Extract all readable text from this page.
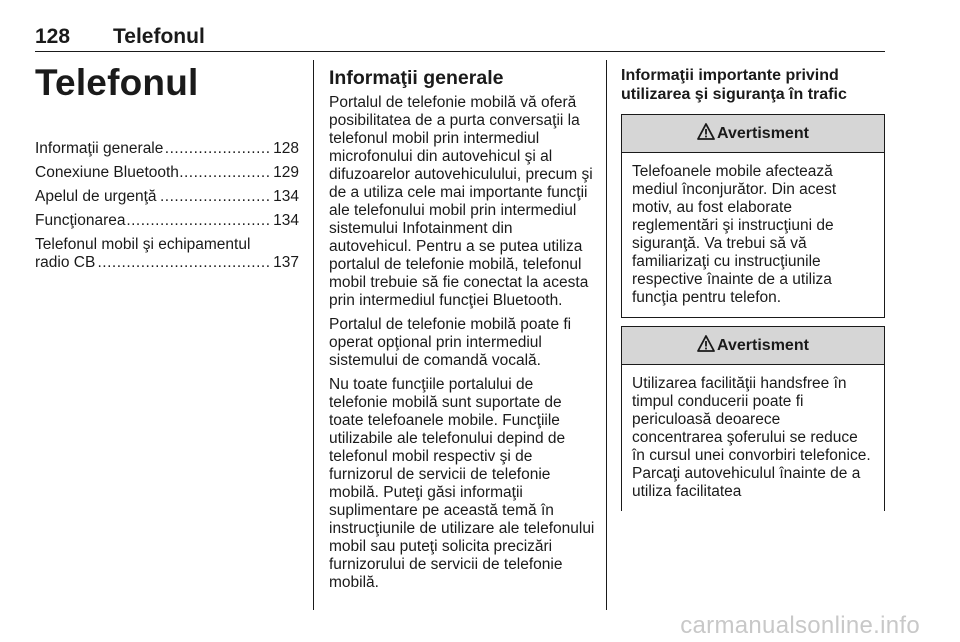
128 Telefonul
Telefonul
Informaţii generale	128
Conexiune Bluetooth	129
Apelul de urgenţă	134
Funcţionarea	134
Telefonul mobil şi echipamentul
radio CB	137
Informaţii generale

Portalul de telefonie mobilă vă oferă posibilitatea de a purta conversaţii la telefonul mobil prin intermediul microfonului din autovehicul şi al difuzoarelor autovehiculului, precum şi de a utiliza cele mai importante funcţii ale telefonului mobil prin intermediul sistemului Infotainment din autovehicul. Pentru a se putea utiliza portalul de telefonie mobilă, telefonul mobil trebuie să fie conectat la acesta prin intermediul funcţiei Bluetooth.

Portalul de telefonie mobilă poate fi operat opţional prin intermediul sistemului de comandă vocală.

Nu toate funcţiile portalului de telefonie mobilă sunt suportate de toate telefoanele mobile. Funcţiile utilizabile ale telefonului depind de telefonul mobil respectiv şi de furnizorul de servicii de telefonie mobilă. Puteţi găsi informaţii suplimentare pe această temă în instrucţiunile de utilizare ale telefonului mobil sau puteţi solicita precizări furnizorului de servicii de telefonie mobilă.

Informaţii importante privind
utilizarea şi siguranţa în trafic
Avertisment
Telefoanele mobile afectează mediul înconjurător. Din acest motiv, au fost elaborate reglementări şi instrucţiuni de siguranţă. Va trebui să vă familiarizaţi cu instrucţiunile respective înainte de a utiliza funcţia pentru telefon.
Avertisment
Utilizarea facilităţii handsfree în timpul conducerii poate fi periculoasă deoarece concentrarea şoferului se reduce în cursul unei convorbiri telefonice. Parcaţi autovehiculul înainte de a utiliza facilitatea
carmanualsonline.info
